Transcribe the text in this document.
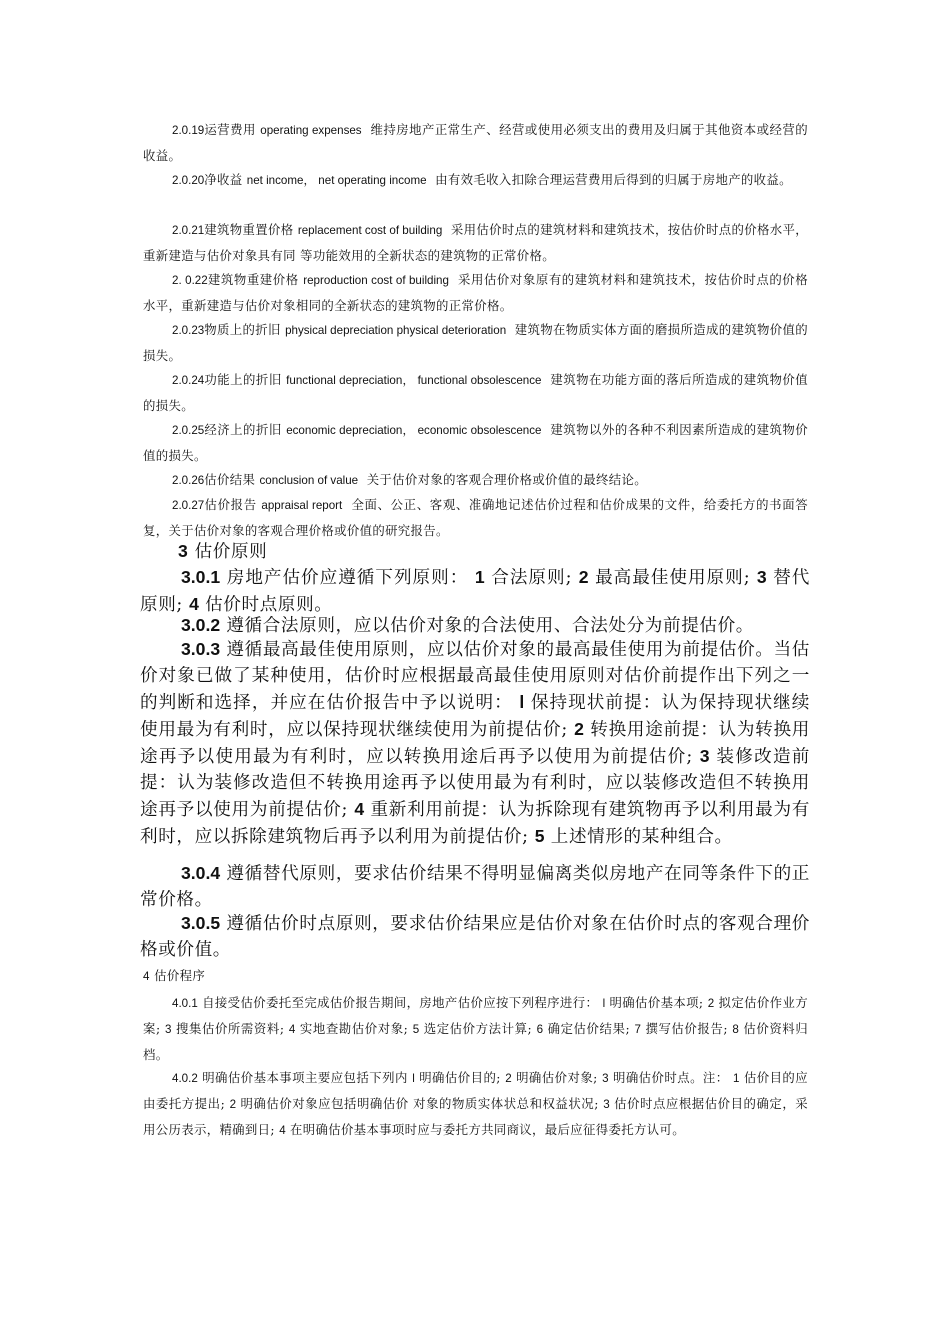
2.0.19运营费用 operating expenses 维持房地产正常生产、经营或使用必须支出的费用及归属于其他资本或经营的收益。
2.0.20净收益 net income， net operating income 由有效毛收入扣除合理运营费用后得到的归属于房地产的收益。
2.0.21建筑物重置价格 replacement cost of building 采用估价时点的建筑材料和建筑技术，按估价时点的价格水平，重新建造与估价对象具有同 等功能效用的全新状态的建筑物的正常价格。
2. 0.22建筑物重建价格 reproduction cost of building 采用估价对象原有的建筑材料和建筑技术，按估价时点的价格水平，重新建造与估价对象相同的全新状态的建筑物的正常价格。
2.0.23物质上的折旧 physical depreciation physical deterioration 建筑物在物质实体方面的磨损所造成的建筑物价值的损失。
2.0.24功能上的折旧 functional depreciation， functional obsolescence 建筑物在功能方面的落后所造成的建筑物价值的损失。
2.0.25经济上的折旧 economic depreciation， economic obsolescence 建筑物以外的各种不利因素所造成的建筑物价值的损失。
2.0.26估价结果 conclusion of value 关于估价对象的客观合理价格或价值的最终结论。
2.0.27估价报告 appraisal report 全面、公正、客观、准确地记述估价过程和估价成果的文件，给委托方的书面答复，关于估价对象的客观合理价格或价值的研究报告。
3 估价原则
3.0.1 房地产估价应遵循下列原则： 1 合法原则; 2 最高最佳使用原则; 3 替代原则; 4 估价时点原则。
3.0.2 遵循合法原则，应以估价对象的合法使用、合法处分为前提估价。
3.0.3 遵循最高最佳使用原则，应以估价对象的最高最佳使用为前提估价。当估价对象已做了某种使用，估价时应根据最高最佳使用原则对估价前提作出下列之一的判断和选择，并应在估价报告中予以说明： l 保持现状前提：认为保持现状继续使用最为有利时，应以保持现状继续使用为前提估价; 2 转换用途前提：认为转换用途再予以使用最为有利时，应以转换用途后再予以使用为前提估价; 3 装修改造前提：认为装修改造但不转换用途再予以使用最为有利时，应以装修改造但不转换用途再予以使用为前提估价; 4 重新利用前提：认为拆除现有建筑物再予以利用最为有利时，应以拆除建筑物后再予以利用为前提估价; 5 上述情形的某种组合。
3.0.4 遵循替代原则，要求估价结果不得明显偏离类似房地产在同等条件下的正常价格。
3.0.5 遵循估价时点原则，要求估价结果应是估价对象在估价时点的客观合理价格或价值。
4 估价程序
4.0.1 自接受估价委托至完成估价报告期间，房地产估价应按下列程序进行： l 明确估价基本项; 2 拟定估价作业方案; 3 搜集估价所需资料; 4 实地查勘估价对象; 5 选定估价方法计算; 6 确定估价结果; 7 撰写估价报告; 8 估价资料归档。
4.0.2 明确估价基本事项主要应包括下列内 l 明确估价目的; 2 明确估价对象; 3 明确估价时点。注： 1 估价目的应由委托方提出; 2 明确估价对象应包括明确估价 对象的物质实体状总和权益状况; 3 估价时点应根据估价目的确定，采用公历表示，精确到日; 4 在明确估价基本事项时应与委托方共同商议，最后应征得委托方认可。
